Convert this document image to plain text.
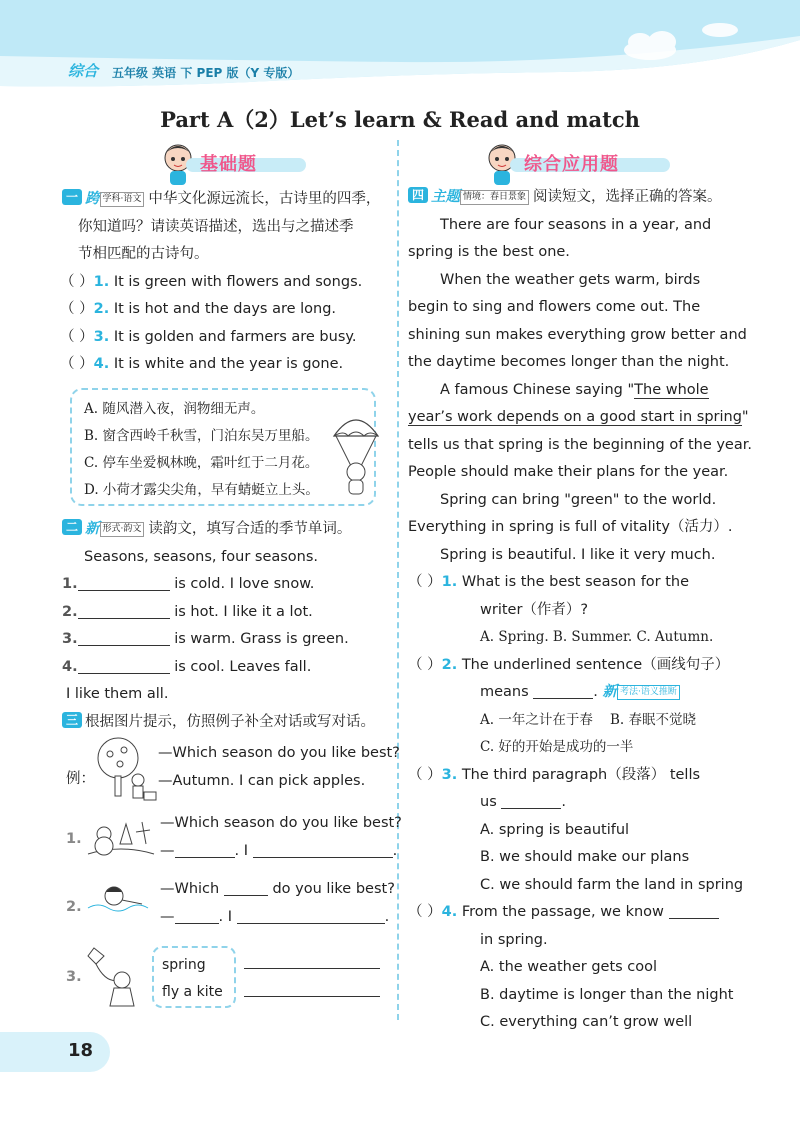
综合 五年级 英语 下 PEP 版（Y 专版）
Part A（2）Let’s learn & Read and match
基础题	综合应用题
一 跨 学科·语文 中华文化源远流长，古诗里的四季，
你知道吗？请读英语描述，选出与之描述季
节相匹配的古诗句。
（ ）1. It is green with flowers and songs.
（ ）2. It is hot and the days are long.
（ ）3. It is golden and farmers are busy.
（ ）4. It is white and the year is gone.
A. 随风潜入夜，润物细无声。
B. 窗含西岭千秋雪，门泊东吴万里船。
C. 停车坐爱枫林晚，霜叶红于二月花。
D. 小荷才露尖尖角，早有蜻蜓立上头。
二 新 形式·韵文 读韵文，填写合适的季节单词。
Seasons, seasons, four seasons.
1.	is cold. I love snow.
2.	is hot. I like it a lot.
3.	is warm. Grass is green.
4.	is cool. Leaves fall.
I like them all.
三 根据图片提示，仿照例子补全对话或写对话。
例：
—Which season do you like best?
—Autumn. I can pick apples.
1.
—Which season do you like best?
—	. I	.
2.
—Which	do you like best?
—	. I	.
3.
spring
fly a kite
四 主题 情境：春日景象 阅读短文，选择正确的答案。
There are four seasons in a year, and
spring is the best one.
When the weather gets warm, birds
begin to sing and flowers come out. The
shining sun makes everything grow better and
the daytime becomes longer than the night.
A famous Chinese saying "The whole
year’s work depends on a good start in spring"
tells us that spring is the beginning of the year.
People should make their plans for the year.
Spring can bring "green" to the world.
Everything in spring is full of vitality（活力）.
Spring is beautiful. I like it very much.
（ ）1. What is the best season for the
writer（作者）?
A. Spring. B. Summer. C. Autumn.
（ ）2. The underlined sentence（画线句子）
means	. 新 考法·语义推断
A. 一年之计在于春 B. 春眠不觉晓
C. 好的开始是成功的一半
（ ）3. The third paragraph（段落） tells
us	.
A. spring is beautiful
B. we should make our plans
C. we should farm the land in spring
（ ）4. From the passage, we know
in spring.
A. the weather gets cool
B. daytime is longer than the night
C. everything can’t grow well
18
